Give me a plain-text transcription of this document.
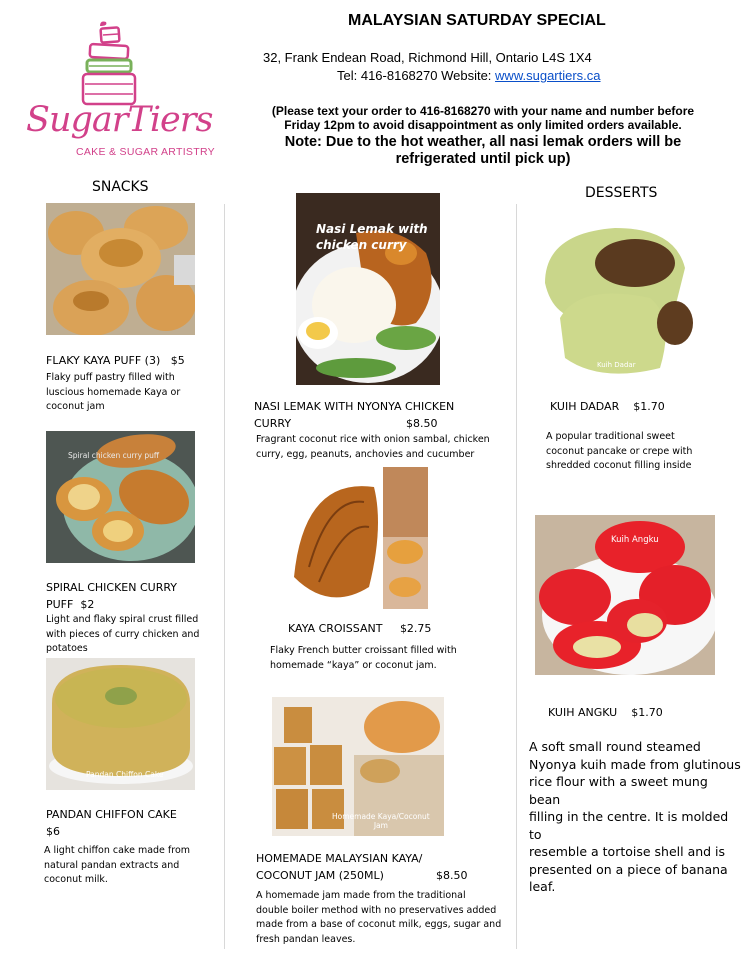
SugarTiers
CAKE & SUGAR ARTISTRY
MALAYSIAN SATURDAY SPECIAL
32, Frank Endean Road, Richmond Hill, Ontario L4S 1X4
Tel: 416-8168270 Website: www.sugartiers.ca
(Please text your order to 416-8168270 with your name and number before
Friday 12pm to avoid disappointment as only limited orders available.
Note: Due to the hot weather, all nasi lemak orders will be
refrigerated until pick up)
SNACKS
FLAKY KAYA PUFF (3) $5
Flaky puff pastry filled with
luscious homemade Kaya or
coconut jam
Spiral chicken curry puff
SPIRAL CHICKEN CURRY
PUFF $2
Light and flaky spiral crust filled
with pieces of curry chicken and
potatoes
Pandan Chiffon Cake
PANDAN CHIFFON CAKE
$6
A light chiffon cake made from
natural pandan extracts and
coconut milk.
Nasi Lemak with
chicken curry
NASI LEMAK WITH NYONYA CHICKEN
CURRY	$8.50
Fragrant coconut rice with onion sambal, chicken
curry, egg, peanuts, anchovies and cucumber
KAYA CROISSANT $2.75
Flaky French butter croissant filled with
homemade “kaya” or coconut jam.
Homemade Kaya/Coconut
Jam
HOMEMADE MALAYSIAN KAYA/
COCONUT JAM (250ML)	$8.50
A homemade jam made from the traditional
double boiler method with no preservatives added
made from a base of coconut milk, eggs, sugar and
fresh pandan leaves.
DESSERTS
Kuih Dadar
KUIH DADAR $1.70
A popular traditional sweet
coconut pancake or crepe with
shredded coconut filling inside
Kuih Angku
KUIH ANGKU $1.70
A soft small round steamed
Nyonya kuih made from glutinous
rice flour with a sweet mung bean
filling in the centre. It is molded to
resemble a tortoise shell and is
presented on a piece of banana leaf.
